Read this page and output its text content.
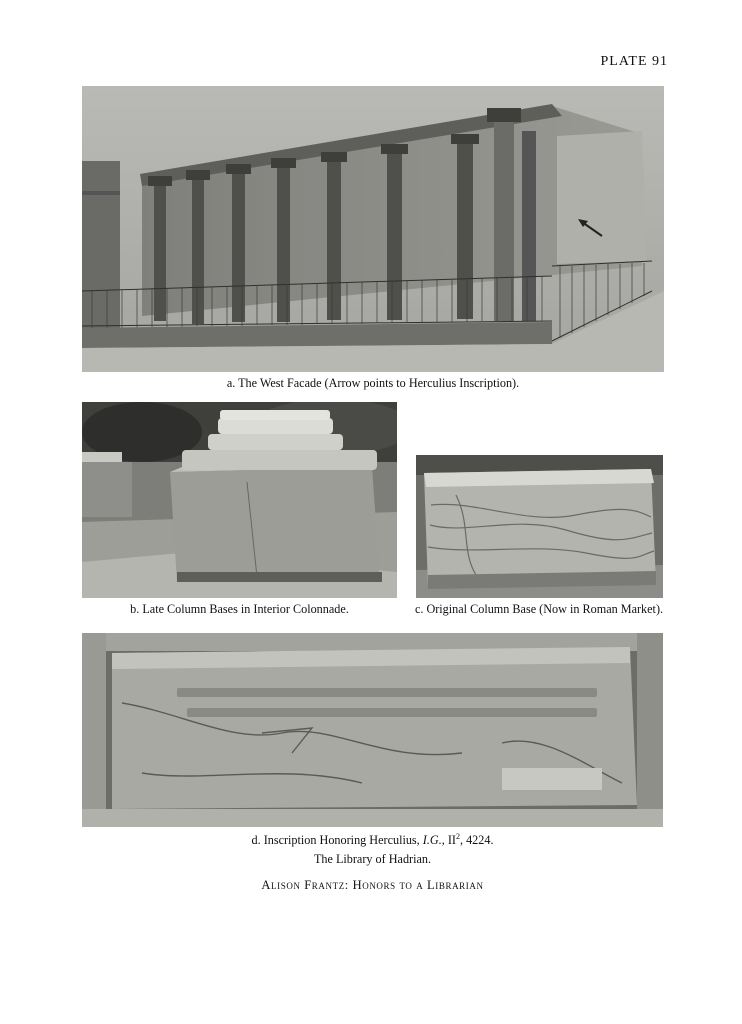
PLATE 91
a. The West Facade (Arrow points to Herculius Inscription).
b. Late Column Bases in Interior Colonnade.	c. Original Column Base (Now in Roman Market).
d. Inscription Honoring Herculius, I.G., $II^2$, 4224.
The Library of Hadrian.
Alison Frantz: Honors to a Librarian
